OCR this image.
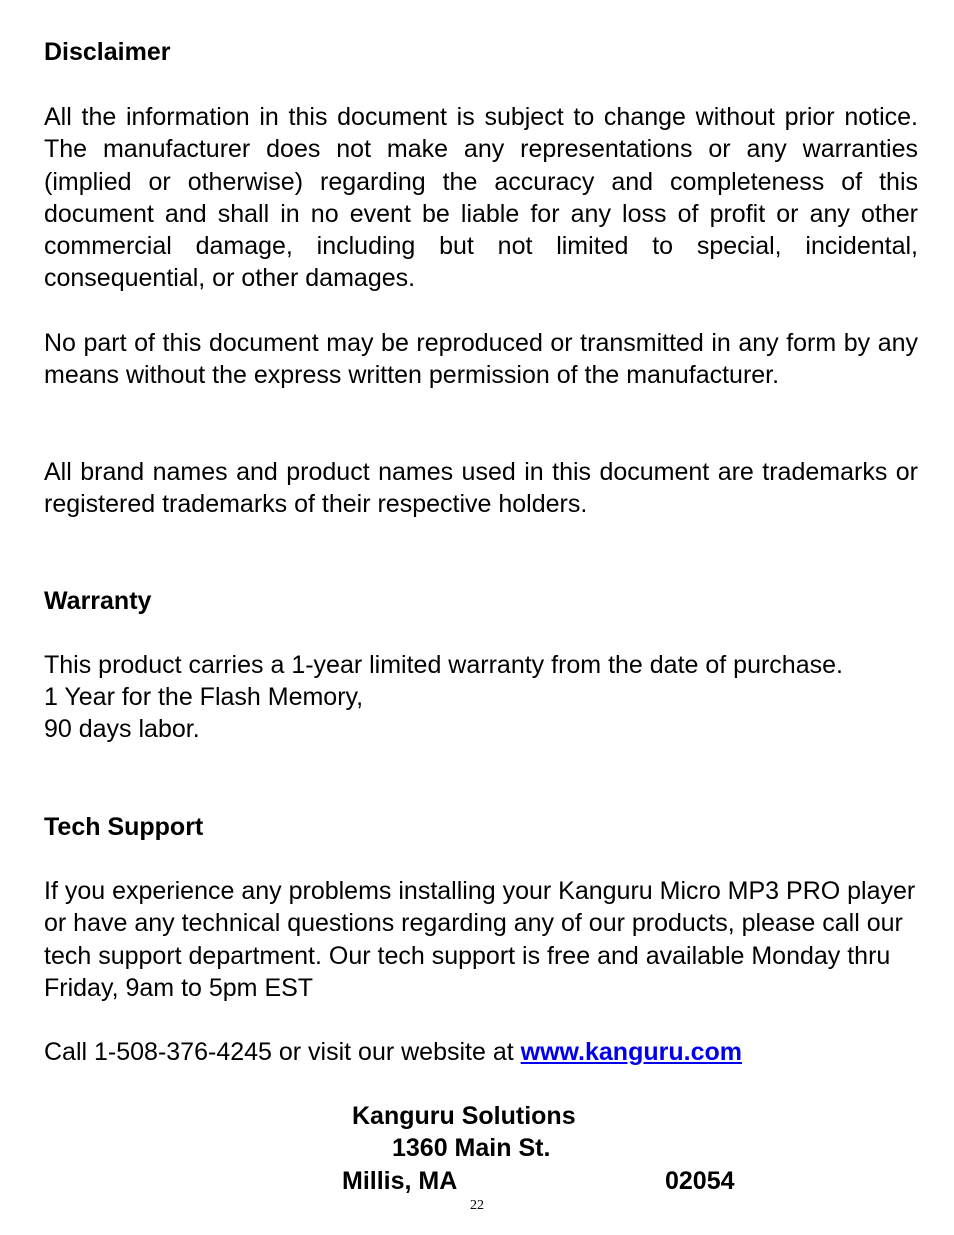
Disclaimer

All the information in this document is subject to change without prior notice. The manufacturer does not make any representations or any warranties (implied or otherwise) regarding the accuracy and completeness of this document and shall in no event be liable for any loss of profit or any other commercial damage, including but not limited to special, incidental, consequential, or other damages.

No part of this document may be reproduced or transmitted in any form by any means without the express written permission of the manufacturer.

All brand names and product names used in this document are trademarks or registered trademarks of their respective holders.

Warranty

This product carries a 1-year limited warranty from the date of purchase.

1 Year for the Flash Memory,

90 days labor.

Tech Support

If you experience any problems installing your Kanguru Micro MP3 PRO player or have any technical questions regarding any of our products, please call our tech support department. Our tech support is free and available Monday thru Friday, 9am to 5pm EST

Call 1-508-376-4245 or visit our website at www.kanguru.com

Kanguru Solutions

1360 Main St.

Millis, MA	02054

22
